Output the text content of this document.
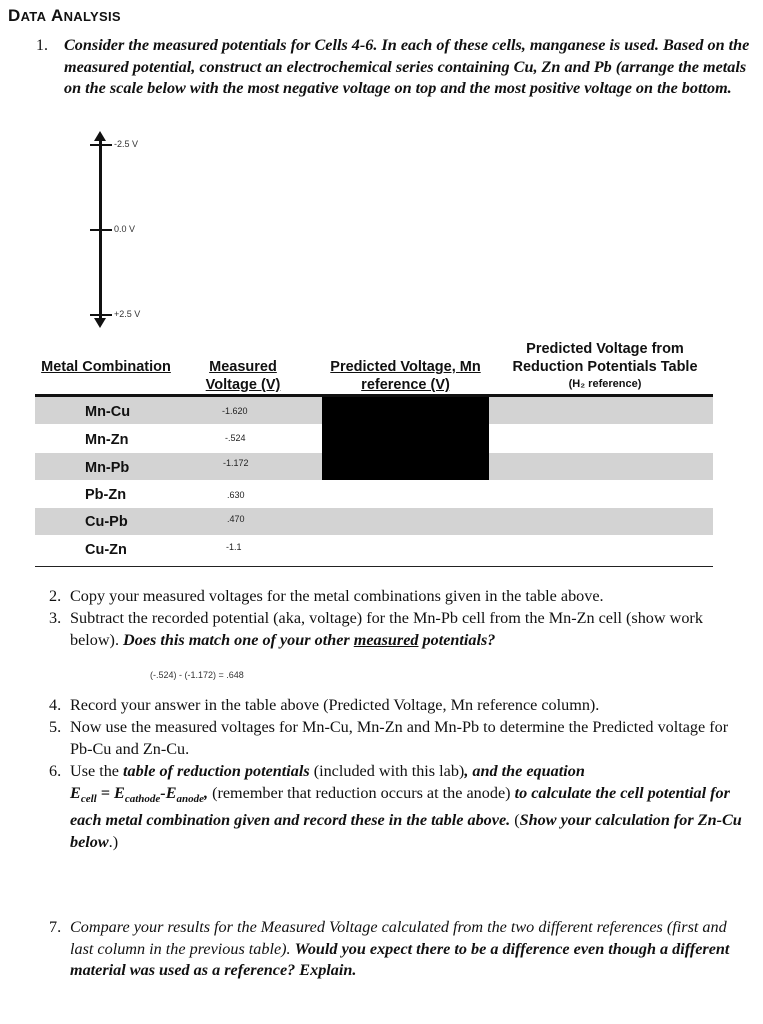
DATA ANALYSIS
1. Consider the measured potentials for Cells 4-6. In each of these cells, manganese is used. Based on the measured potential, construct an electrochemical series containing Cu, Zn and Pb (arrange the metals on the scale below with the most negative voltage on top and the most positive voltage on the bottom.
-2.5 V
0.0 V
+2.5 V
Metal Combination	Measured Voltage (V)
Predicted Voltage, Mn reference (V)
Predicted Voltage from Reduction Potentials Table
(H₂ reference)
Mn-Cu
Mn-Zn
Mn-Pb
Pb-Zn
Cu-Pb
Cu-Zn
-1.620
-.524
-1.172
.630
.470
-1.1
2. Copy your measured voltages for the metal combinations given in the table above.
3. Subtract the recorded potential (aka, voltage) for the Mn-Pb cell from the Mn-Zn cell (show work below). Does this match one of your other measured potentials?
(-.524) - (-1.172) = .648
4. Record your answer in the table above (Predicted Voltage, Mn reference column).
5. Now use the measured voltages for Mn-Cu, Mn-Zn and Mn-Pb to determine the Predicted voltage for Pb-Cu and Zn-Cu.
6. Use the table of reduction potentials (included with this lab), and the equation
$E_{cell} = E_{cathode}-E_{anode}$, (remember that reduction occurs at the anode) to calculate the cell potential for each metal combination given and record these in the table above. (Show your calculation for Zn-Cu below.)
7. Compare your results for the Measured Voltage calculated from the two different references (first and last column in the previous table). Would you expect there to be a difference even though a different material was used as a reference? Explain.
